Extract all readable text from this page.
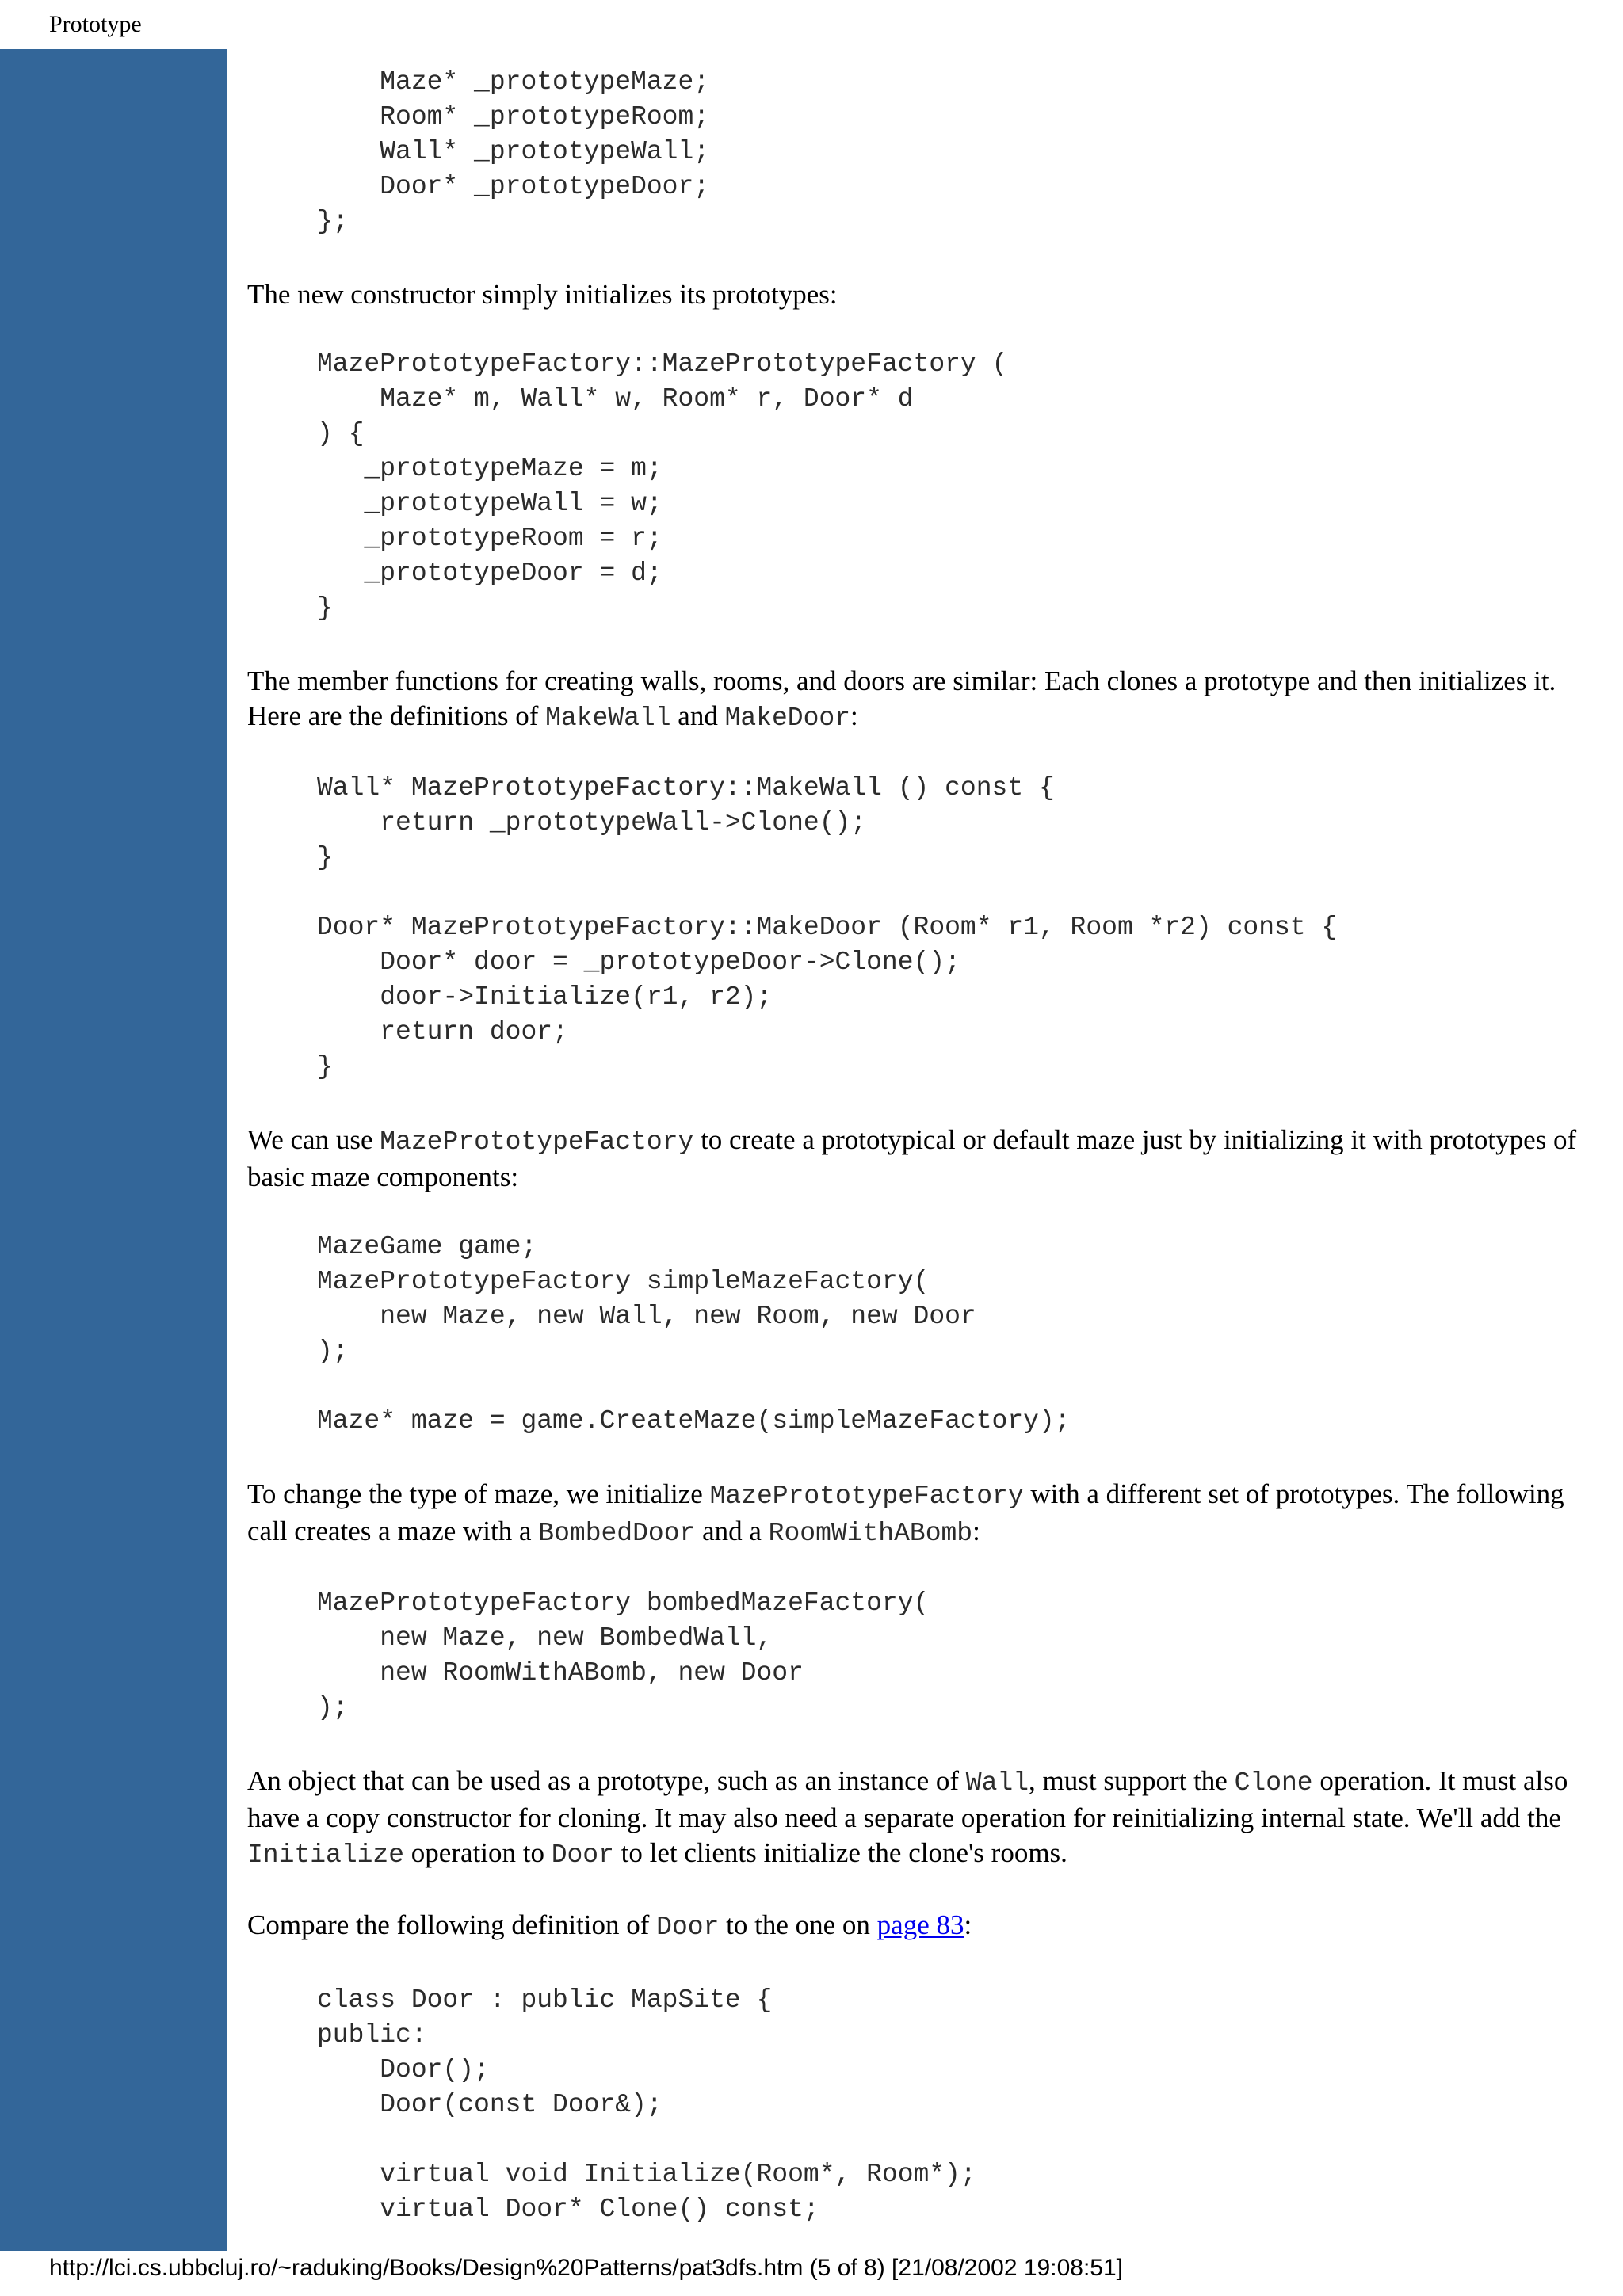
Prototype
Maze* _prototypeMaze;
Room* _prototypeRoom;
Wall* _prototypeWall;
Door* _prototypeDoor;
};

The new constructor simply initializes its prototypes:

MazePrototypeFactory::MazePrototypeFactory (
Maze* m, Wall* w, Room* r, Door* d
) {
_prototypeMaze = m;
_prototypeWall = w;
_prototypeRoom = r;
_prototypeDoor = d;
}

The member functions for creating walls, rooms, and doors are similar: Each clones a prototype and then initializes it. Here are the definitions of MakeWall and MakeDoor:

Wall* MazePrototypeFactory::MakeWall () const {
return _prototypeWall->Clone();
}
Door* MazePrototypeFactory::MakeDoor (Room* r1, Room *r2) const {
Door* door = _prototypeDoor->Clone();
door->Initialize(r1, r2);
return door;
}

We can use MazePrototypeFactory to create a prototypical or default maze just by initializing it with prototypes of basic maze components:

MazeGame game;
MazePrototypeFactory simpleMazeFactory(
new Maze, new Wall, new Room, new Door
);
Maze* maze = game.CreateMaze(simpleMazeFactory);

To change the type of maze, we initialize MazePrototypeFactory with a different set of prototypes. The following call creates a maze with a BombedDoor and a RoomWithABomb:

MazePrototypeFactory bombedMazeFactory(
new Maze, new BombedWall,
new RoomWithABomb, new Door
);

An object that can be used as a prototype, such as an instance of Wall, must support the Clone operation. It must also have a copy constructor for cloning. It may also need a separate operation for reinitializing internal state. We'll add the Initialize operation to Door to let clients initialize the clone's rooms.

Compare the following definition of Door to the one on page 83:

class Door : public MapSite {
public:
Door();
Door(const Door&);
virtual void Initialize(Room*, Room*);
virtual Door* Clone() const;
http://lci.cs.ubbcluj.ro/~raduking/Books/Design%20Patterns/pat3dfs.htm (5 of 8) [21/08/2002 19:08:51]
